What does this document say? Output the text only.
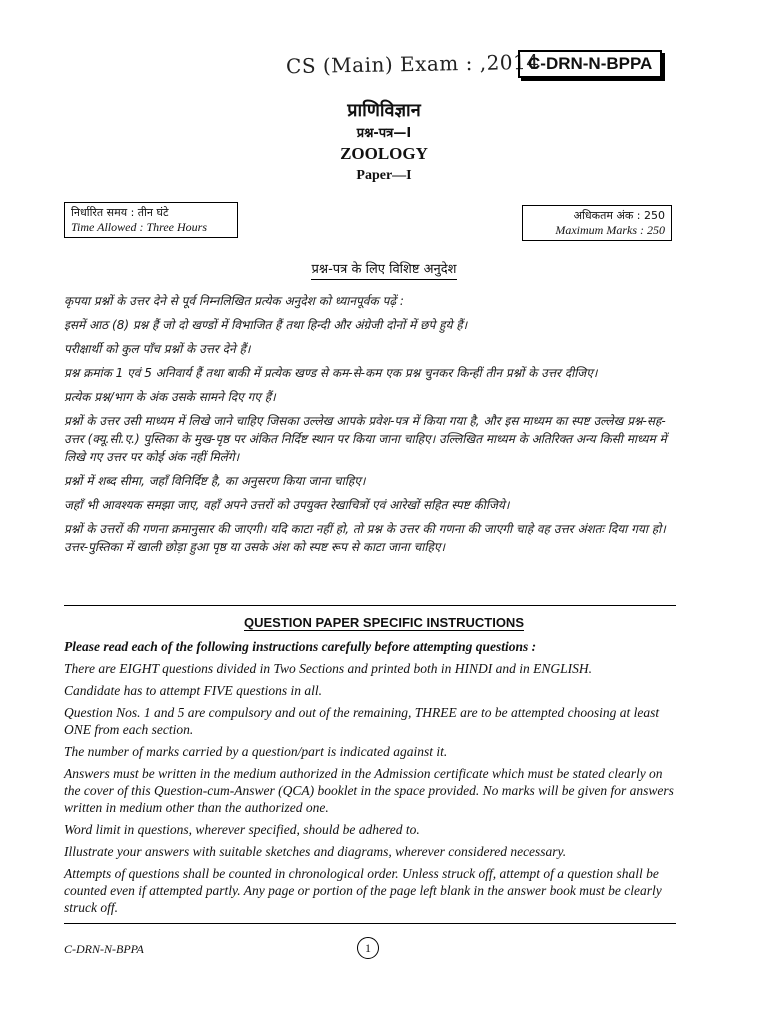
CS (Main) Exam : ,2014
C-DRN-N-BPPA
प्राणिविज्ञान
प्रश्न-पत्र—I
ZOOLOGY
Paper—I
निर्धारित समय : तीन घंटे
Time Allowed : Three Hours
अधिकतम अंक : 250
Maximum Marks : 250
प्रश्न-पत्र के लिए विशिष्ट अनुदेश

कृपया प्रश्नों के उत्तर देने से पूर्व निम्नलिखित प्रत्येक अनुदेश को ध्यानपूर्वक पढ़ें :

इसमें आठ (8) प्रश्न हैं जो दो खण्डों में विभाजित हैं तथा हिन्दी और अंग्रेजी दोनों में छपे हुये हैं।

परीक्षार्थी को कुल पाँच प्रश्नों के उत्तर देने हैं।

प्रश्न क्रमांक 1 एवं 5 अनिवार्य हैं तथा बाकी में प्रत्येक खण्ड से कम-से-कम एक प्रश्न चुनकर किन्हीं तीन प्रश्नों के उत्तर दीजिए।

प्रत्येक प्रश्न/भाग के अंक उसके सामने दिए गए हैं।

प्रश्नों के उत्तर उसी माध्यम में लिखे जाने चाहिए जिसका उल्लेख आपके प्रवेश-पत्र में किया गया है, और इस माध्यम का स्पष्ट उल्लेख प्रश्न-सह-उत्तर (क्यू.सी.ए.) पुस्तिका के मुख-पृष्ठ पर अंकित निर्दिष्ट स्थान पर किया जाना चाहिए। उल्लिखित माध्यम के अतिरिक्त अन्य किसी माध्यम में लिखे गए उत्तर पर कोई अंक नहीं मिलेंगे।

प्रश्नों में शब्द सीमा, जहाँ विनिर्दिष्ट है, का अनुसरण किया जाना चाहिए।

जहाँ भी आवश्यक समझा जाए, वहाँ अपने उत्तरों को उपयुक्त रेखाचित्रों एवं आरेखों सहित स्पष्ट कीजिये।

प्रश्नों के उत्तरों की गणना क्रमानुसार की जाएगी। यदि काटा नहीं हो, तो प्रश्न के उत्तर की गणना की जाएगी चाहे वह उत्तर अंशतः दिया गया हो। उत्तर-पुस्तिका में खाली छोड़ा हुआ पृष्ठ या उसके अंश को स्पष्ट रूप से काटा जाना चाहिए।

QUESTION PAPER SPECIFIC INSTRUCTIONS

Please read each of the following instructions carefully before attempting questions :

There are EIGHT questions divided in Two Sections and printed both in HINDI and in ENGLISH.

Candidate has to attempt FIVE questions in all.

Question Nos. 1 and 5 are compulsory and out of the remaining, THREE are to be attempted choosing at least ONE from each section.

The number of marks carried by a question/part is indicated against it.

Answers must be written in the medium authorized in the Admission certificate which must be stated clearly on the cover of this Question-cum-Answer (QCA) booklet in the space provided. No marks will be given for answers written in medium other than the authorized one.

Word limit in questions, wherever specified, should be adhered to.

Illustrate your answers with suitable sketches and diagrams, wherever considered necessary.

Attempts of questions shall be counted in chronological order. Unless struck off, attempt of a question shall be counted even if attempted partly. Any page or portion of the page left blank in the answer book must be clearly struck off.

C-DRN-N-BPPA	1
